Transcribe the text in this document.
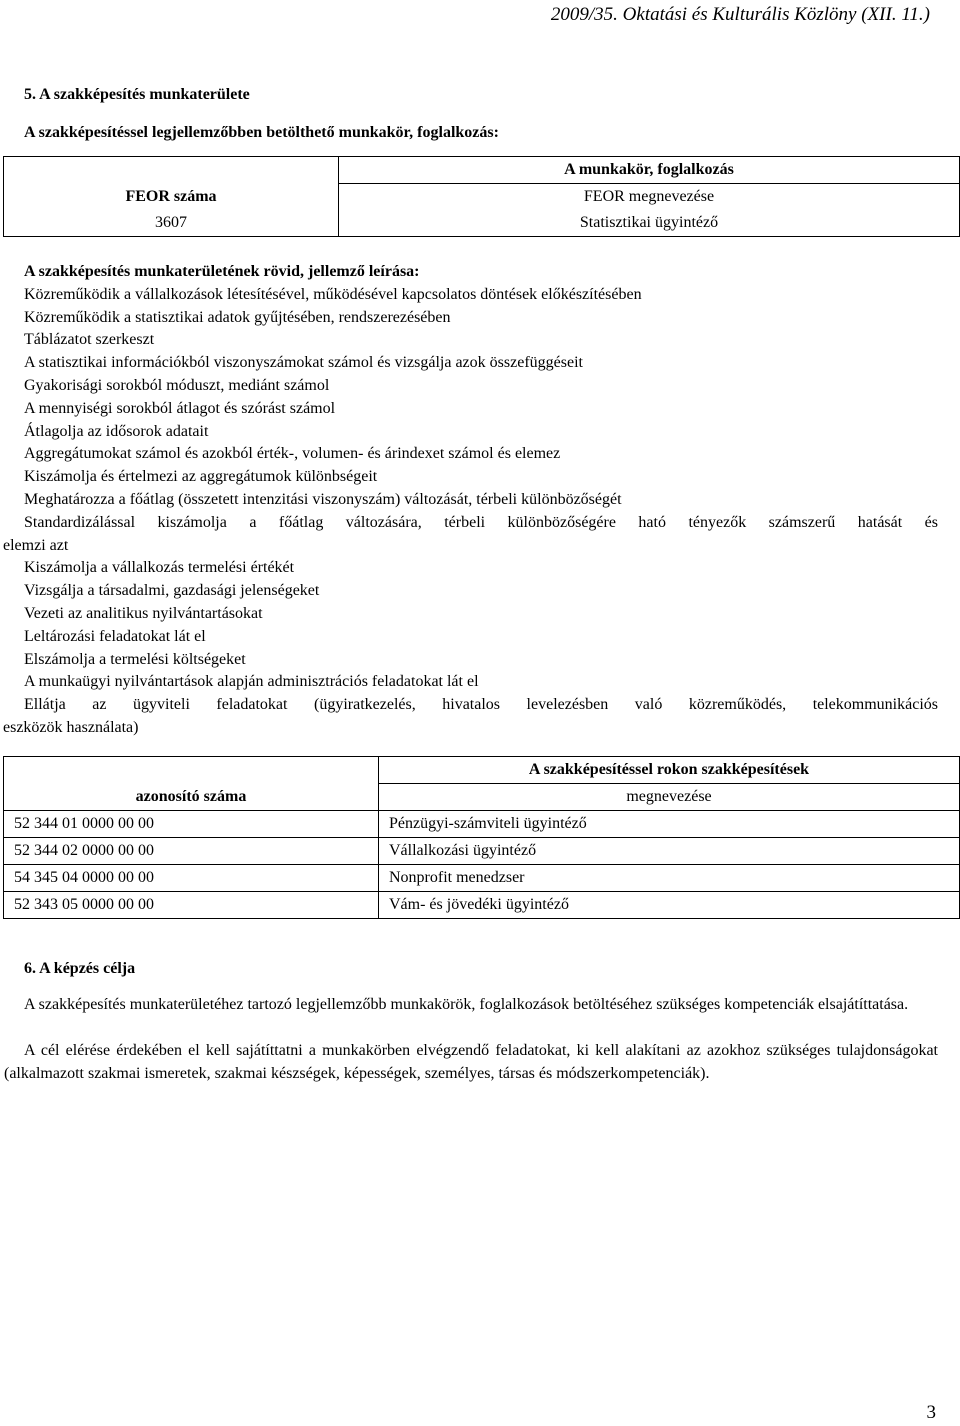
2009/35. Oktatási és Kulturális Közlöny (XII. 11.)
5. A szakképesítés munkaterülete
A szakképesítéssel legjellemzőbben betölthető munkakör, foglalkozás:
	A munkakör, foglalkozás
FEOR száma	FEOR megnevezése
3607	Statisztikai ügyintéző
A szakképesítés munkaterületének rövid, jellemző leírása:
Közreműködik a vállalkozások létesítésével, működésével kapcsolatos döntések előkészítésében
Közreműködik a statisztikai adatok gyűjtésében, rendszerezésében
Táblázatot szerkeszt
A statisztikai információkból viszonyszámokat számol és vizsgálja azok összefüggéseit
Gyakorisági sorokból móduszt, mediánt számol
A mennyiségi sorokból átlagot és szórást számol
Átlagolja az idősorok adatait
Aggregátumokat számol és azokból érték-, volumen- és árindexet számol és elemez
Kiszámolja és értelmezi az aggregátumok különbségeit
Meghatározza a főátlag (összetett intenzitási viszonyszám) változását, térbeli különbözőségét
Standardizálással kiszámolja a főátlag változására, térbeli különbözőségére ható tényezők számszerű hatását és
elemzi azt
Kiszámolja a vállalkozás termelési értékét
Vizsgálja a társadalmi, gazdasági jelenségeket
Vezeti az analitikus nyilvántartásokat
Leltározási feladatokat lát el
Elszámolja a termelési költségeket
A munkaügyi nyilvántartások alapján adminisztrációs feladatokat lát el
Ellátja az ügyviteli feladatokat (ügyiratkezelés, hivatalos levelezésben való közreműködés, telekommunikációs
eszközök használata)
	A szakképesítéssel rokon szakképesítések
azonosító száma	megnevezése
52 344 01 0000 00 00	Pénzügyi-számviteli ügyintéző
52 344 02 0000 00 00	Vállalkozási ügyintéző
54 345 04 0000 00 00	Nonprofit menedzser
52 343 05 0000 00 00	Vám- és jövedéki ügyintéző
6. A képzés célja
A szakképesítés munkaterületéhez tartozó legjellemzőbb munkakörök, foglalkozások betöltéséhez szükséges kompetenciák elsajátíttatása.
A cél elérése érdekében el kell sajátíttatni a munkakörben elvégzendő feladatokat, ki kell alakítani az azokhoz szükséges tulajdonságokat (alkalmazott szakmai ismeretek, szakmai készségek, képességek, személyes, társas és módszerkompetenciák).
3
